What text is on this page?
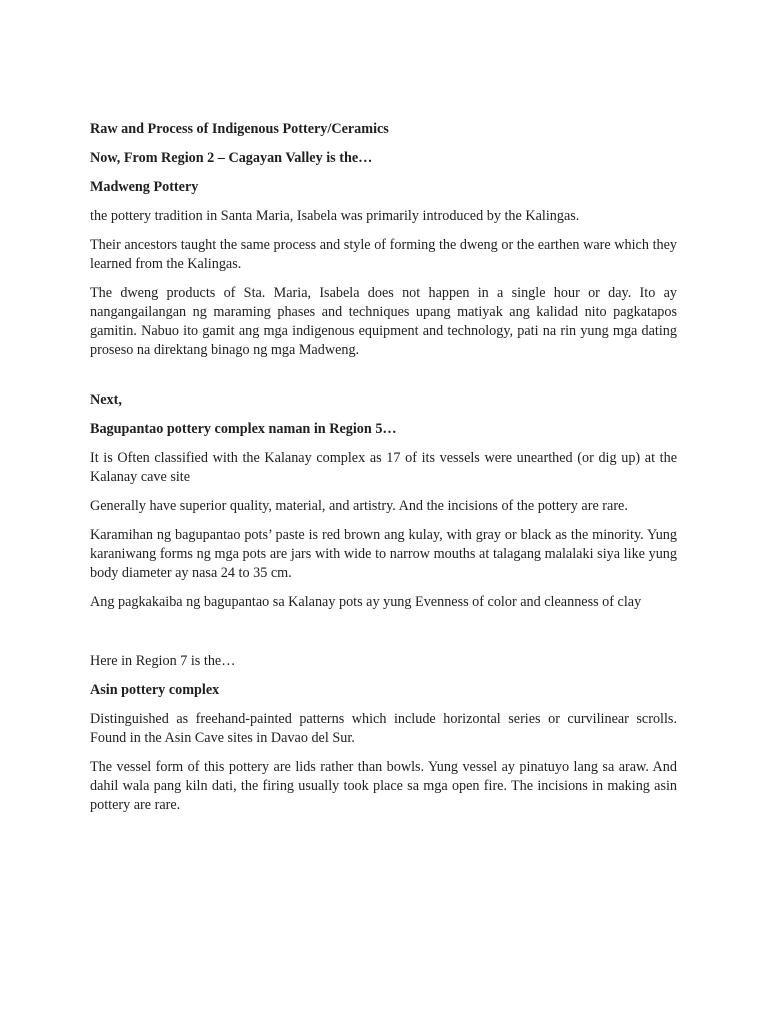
Raw and Process of Indigenous Pottery/Ceramics

Now, From Region 2 – Cagayan Valley is the…

Madweng Pottery

the pottery tradition in Santa Maria, Isabela was primarily introduced by the Kalingas.

Their ancestors taught the same process and style of forming the dweng or the earthen ware which they learned from the Kalingas.

The dweng products of Sta. Maria, Isabela does not happen in a single hour or day. Ito ay nangangailangan ng maraming phases and techniques upang matiyak ang kalidad nito pagkatapos gamitin. Nabuo ito gamit ang mga indigenous equipment and technology, pati na rin yung mga dating proseso na direktang binago ng mga Madweng.

Next,

Bagupantao pottery complex naman in Region 5…

It is Often classified with the Kalanay complex as 17 of its vessels were unearthed (or dig up) at the Kalanay cave site

Generally have superior quality, material, and artistry. And the incisions of the pottery are rare.

Karamihan ng bagupantao pots’ paste is red brown ang kulay, with gray or black as the minority. Yung karaniwang forms ng mga pots are jars with wide to narrow mouths at talagang malalaki siya like yung body diameter ay nasa 24 to 35 cm.

Ang pagkakaiba ng bagupantao sa Kalanay pots ay yung Evenness of color and cleanness of clay

Here in Region 7 is the…

Asin pottery complex

Distinguished as freehand-painted patterns which include horizontal series or curvilinear scrolls. Found in the Asin Cave sites in Davao del Sur.

The vessel form of this pottery are lids rather than bowls. Yung vessel ay pinatuyo lang sa araw. And dahil wala pang kiln dati, the firing usually took place sa mga open fire. The incisions in making asin pottery are rare.
